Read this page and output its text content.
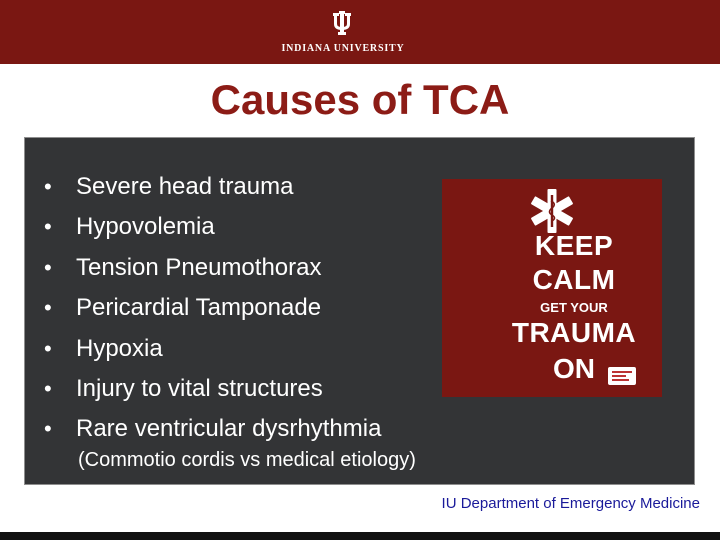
INDIANA UNIVERSITY
Causes of TCA
• Severe head trauma
• Hypovolemia
• Tension Pneumothorax
• Pericardial Tamponade
• Hypoxia
• Injury to vital structures
• Rare ventricular dysrhythmia
(Commotio cordis vs medical etiology)
KEEP
CALM
GET YOUR
TRAUMA
ON
IU Department of Emergency Medicine
